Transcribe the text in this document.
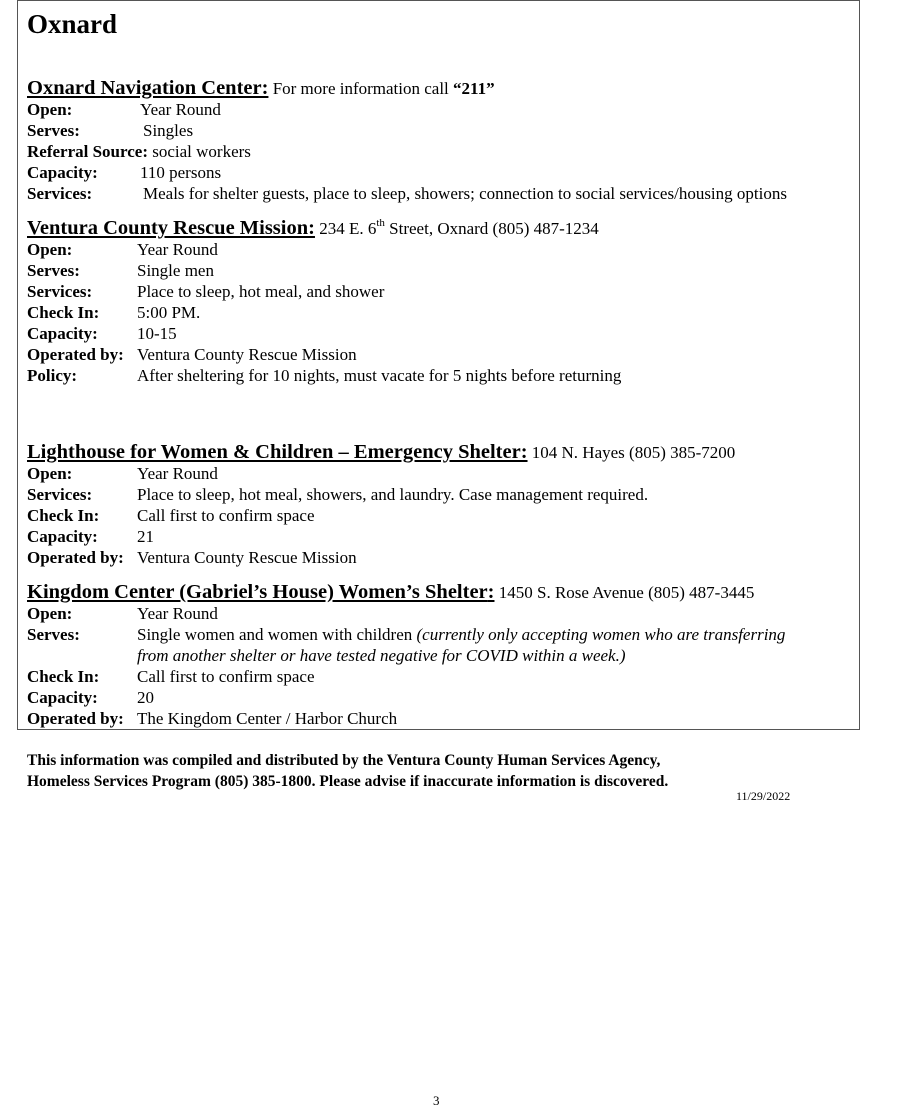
Oxnard
Oxnard Navigation Center: For more information call “211”
Open:	Year Round
Serves:	Singles
Referral Source: social workers
Capacity: 110 persons
Services:	Meals for shelter guests, place to sleep, showers; connection to social services/housing options
Ventura County Rescue Mission: 234 E. 6th Street, Oxnard (805) 487-1234
Open:	Year Round
Serves:	Single men
Services:	Place to sleep, hot meal, and shower
Check In: 5:00 PM.
Capacity: 10-15
Operated by: Ventura County Rescue Mission
Policy:	After sheltering for 10 nights, must vacate for 5 nights before returning
Lighthouse for Women & Children – Emergency Shelter: 104 N. Hayes (805) 385-7200
Open:	Year Round
Services:	Place to sleep, hot meal, showers, and laundry. Case management required.
Check In: Call first to confirm space
Capacity: 21
Operated by: Ventura County Rescue Mission
Kingdom Center (Gabriel’s House) Women’s Shelter: 1450 S. Rose Avenue (805) 487-3445
Open:	Year Round
Serves:	Single women and women with children (currently only accepting women who are transferring
from another shelter or have tested negative for COVID within a week.)
Check In: Call first to confirm space
Capacity: 20
Operated by: The Kingdom Center / Harbor Church
This information was compiled and distributed by the Ventura County Human Services Agency,
Homeless Services Program (805) 385-1800. Please advise if inaccurate information is discovered.
11/29/2022
3
